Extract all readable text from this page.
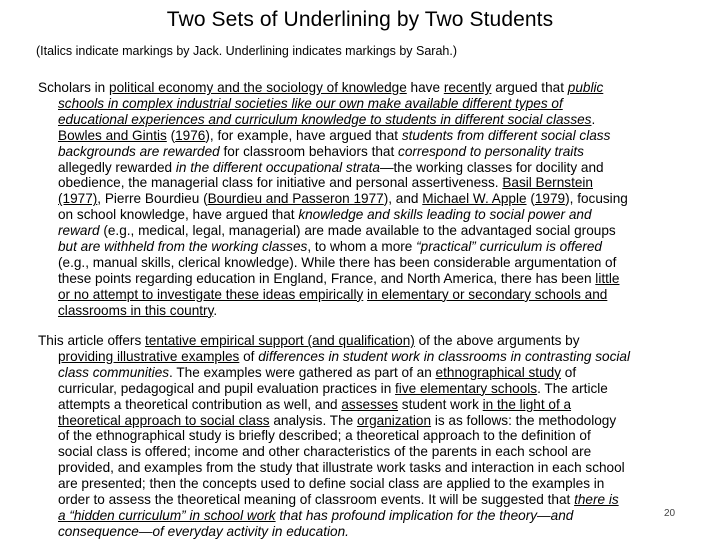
Two Sets of Underlining by Two Students
(Italics indicate markings by Jack. Underlining indicates markings by Sarah.)
Scholars in political economy and the sociology of knowledge have recently argued that public
schools in complex industrial societies like our own make available different types of
educational experiences and curriculum knowledge to students in different social classes.
Bowles and Gintis (1976), for example, have argued that students from different social class
backgrounds are rewarded for classroom behaviors that correspond to personality traits
allegedly rewarded in the different occupational strata—the working classes for docility and
obedience, the managerial class for initiative and personal assertiveness. Basil Bernstein
(1977), Pierre Bourdieu (Bourdieu and Passeron 1977), and Michael W. Apple (1979), focusing
on school knowledge, have argued that knowledge and skills leading to social power and
reward (e.g., medical, legal, managerial) are made available to the advantaged social groups
but are withheld from the working classes, to whom a more “practical” curriculum is offered
(e.g., manual skills, clerical knowledge). While there has been considerable argumentation of
these points regarding education in England, France, and North America, there has been little
or no attempt to investigate these ideas empirically in elementary or secondary schools and
classrooms in this country.
This article offers tentative empirical support (and qualification) of the above arguments by
providing illustrative examples of differences in student work in classrooms in contrasting social
class communities. The examples were gathered as part of an ethnographical study of
curricular, pedagogical and pupil evaluation practices in five elementary schools. The article
attempts a theoretical contribution as well, and assesses student work in the light of a
theoretical approach to social class analysis. The organization is as follows: the methodology
of the ethnographical study is briefly described; a theoretical approach to the definition of
social class is offered; income and other characteristics of the parents in each school are
provided, and examples from the study that illustrate work tasks and interaction in each school
are presented; then the concepts used to define social class are applied to the examples in
order to assess the theoretical meaning of classroom events. It will be suggested that there is
a “hidden curriculum” in school work that has profound implication for the theory—and
consequence—of everyday activity in education.
20
